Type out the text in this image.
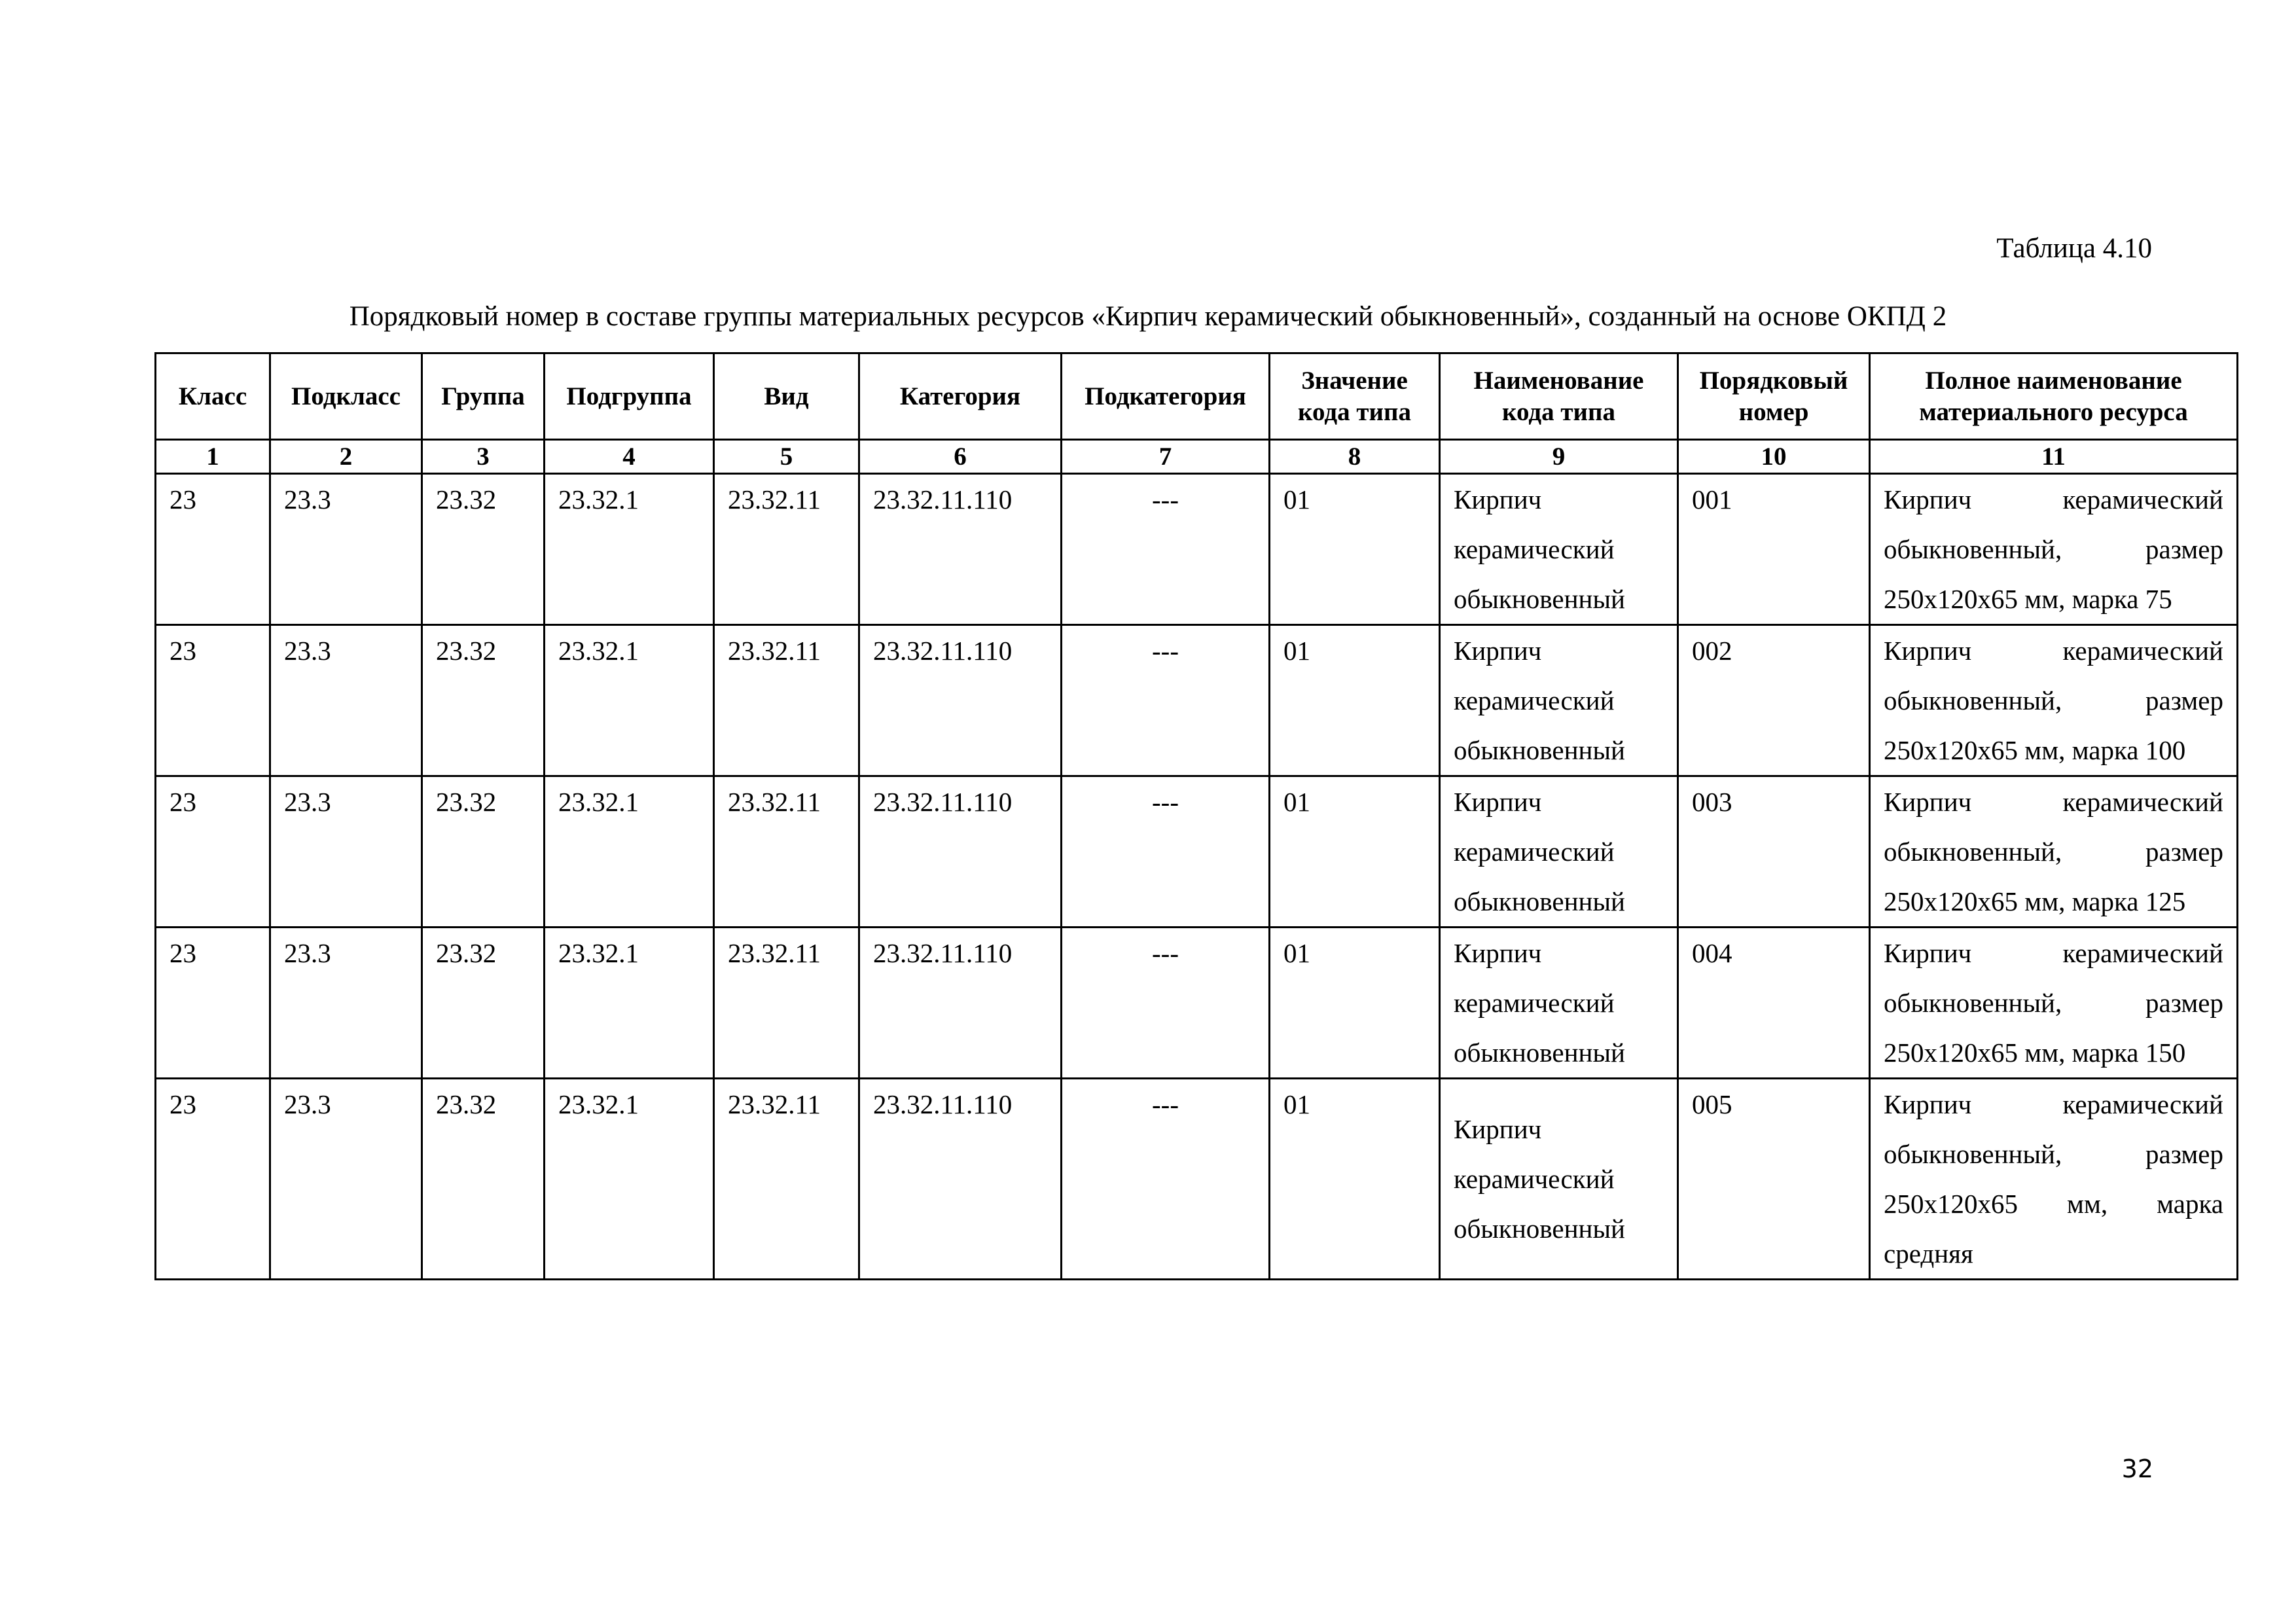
Таблица 4.10
Порядковый номер в составе группы материальных ресурсов «Кирпич керамический обыкновенный», созданный на основе ОКПД 2
Класс	Подкласс	Группа	Подгруппа	Вид	Категория	Подкатегория	Значение кода типа	Наименование кода типа	Порядковый номер	Полное наименование материального ресурса
1	2	3	4	5	6	7	8	9	10	11
23	23.3	23.32	23.32.1	23.32.11	23.32.11.110	---	01	Кирпич керамический обыкновенный	001	Кирпич керамический обыкновенный, размер 250х120х65 мм, марка 75
23	23.3	23.32	23.32.1	23.32.11	23.32.11.110	---	01	Кирпич керамический обыкновенный	002	Кирпич керамический обыкновенный, размер 250х120х65 мм, марка 100
23	23.3	23.32	23.32.1	23.32.11	23.32.11.110	---	01	Кирпич керамический обыкновенный	003	Кирпич керамический обыкновенный, размер 250х120х65 мм, марка 125
23	23.3	23.32	23.32.1	23.32.11	23.32.11.110	---	01	Кирпич керамический обыкновенный	004	Кирпич керамический обыкновенный, размер 250х120х65 мм, марка 150
23	23.3	23.32	23.32.1	23.32.11	23.32.11.110	---	01	Кирпич керамический обыкновенный	005	Кирпич керамический обыкновенный, размер 250х120х65 мм, марка средняя
32
